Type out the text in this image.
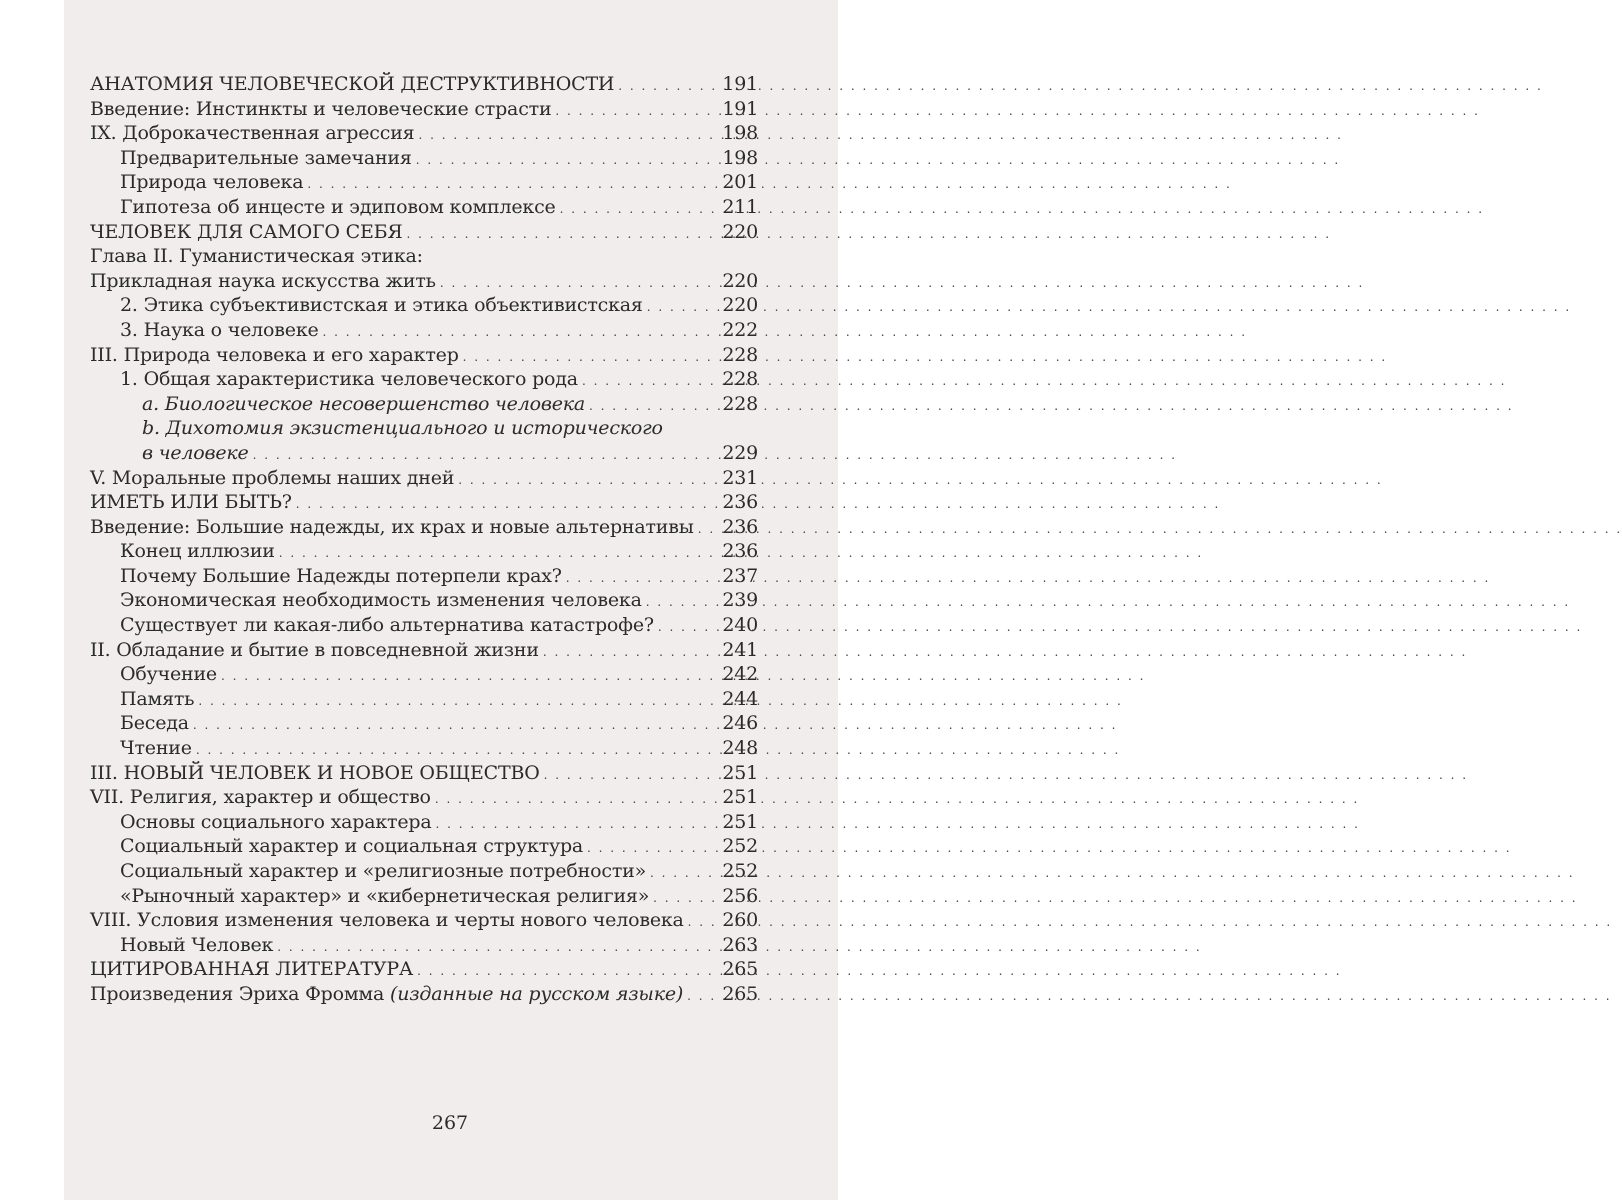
АНАТОМИЯ ЧЕЛОВЕЧЕСКОЙ ДЕСТРУКТИВНОСТИ . . .	191
Введение: Инстинкты и человеческие страсти . . .	191
IX. Доброкачественная агрессия . . .	198
Предварительные замечания . . .	198
Природа человека . . .	201
Гипотеза об инцесте и эдиповом комплексе . . .	211
ЧЕЛОВЕК ДЛЯ САМОГО СЕБЯ . . .	220
Глава II. Гуманистическая этика:
Прикладная наука искусства жить . . .	220
2. Этика субъективистская и этика объективистская . . .	220
3. Наука о человеке . . .	222
III. Природа человека и его характер . . .	228
1. Общая характеристика человеческого рода . . .	228
a. Биологическое несовершенство человека . . .	228
b. Дихотомия экзистенциального и исторического
в человеке . . .	229
V. Моральные проблемы наших дней . . .	231
ИМЕТЬ ИЛИ БЫТЬ? . . .	236
Введение: Большие надежды, их крах и новые альтернативы . . . 236
Конец иллюзии . . .	236
Почему Большие Надежды потерпели крах? . . .	237
Экономическая необходимость изменения человека . . .	239
Существует ли какая-либо альтернатива катастрофе? . . .	240
II. Обладание и бытие в повседневной жизни . . .	241
Обучение . . .	242
Память . . .	244
Беседа . . .	246
Чтение . . .	248
III. НОВЫЙ ЧЕЛОВЕК И НОВОЕ ОБЩЕСТВО . . .	251
VII. Религия, характер и общество . . .	251
Основы социального характера . . .	251
Социальный характер и социальная структура . . .	252
Социальный характер и «религиозные потребности» . . .	252
«Рыночный характер» и «кибернетическая религия» . . .	256
VIII. Условия изменения человека и черты нового человека . . . 260
Новый Человек . . .	263
ЦИТИРОВАННАЯ ЛИТЕРАТУРА . . .	265
Произведения Эриха Фромма (изданные на русском языке) . . . 265
267
